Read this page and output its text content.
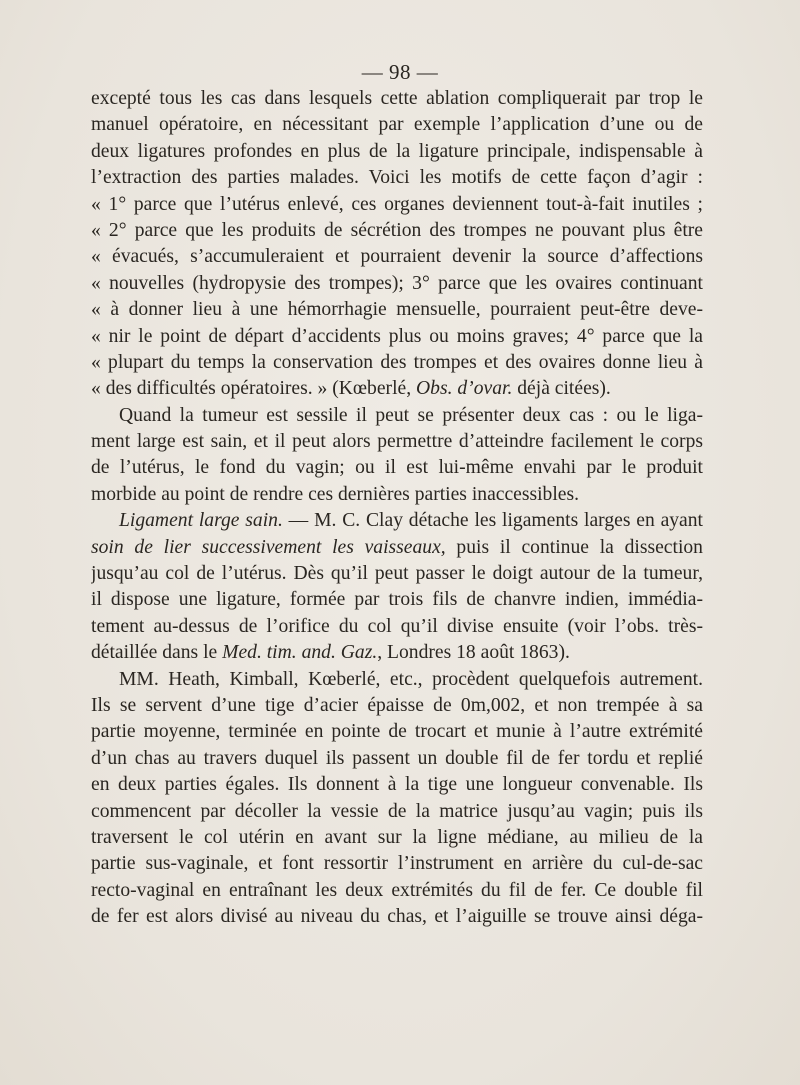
— 98 —
excepté tous les cas dans lesquels cette ablation compliquerait par trop le
manuel opératoire, en nécessitant par exemple l’application d’une ou de
deux ligatures profondes en plus de la ligature principale, indispensable à
l’extraction des parties malades. Voici les motifs de cette façon d’agir :
« 1° parce que l’utérus enlevé, ces organes deviennent tout-à-fait inutiles ;
« 2° parce que les produits de sécrétion des trompes ne pouvant plus être
« évacués, s’accumuleraient et pourraient devenir la source d’affections
« nouvelles (hydropysie des trompes); 3° parce que les ovaires continuant
« à donner lieu à une hémorrhagie mensuelle, pourraient peut-être deve-
« nir le point de départ d’accidents plus ou moins graves; 4° parce que la
« plupart du temps la conservation des trompes et des ovaires donne lieu à
« des difficultés opératoires. » (Kœberlé, Obs. d’ovar. déjà citées).
Quand la tumeur est sessile il peut se présenter deux cas : ou le liga-
ment large est sain, et il peut alors permettre d’atteindre facilement le corps
de l’utérus, le fond du vagin; ou il est lui-même envahi par le produit
morbide au point de rendre ces dernières parties inaccessibles.
Ligament large sain. — M. C. Clay détache les ligaments larges en ayant
soin de lier successivement les vaisseaux, puis il continue la dissection
jusqu’au col de l’utérus. Dès qu’il peut passer le doigt autour de la tumeur,
il dispose une ligature, formée par trois fils de chanvre indien, immédia-
tement au-dessus de l’orifice du col qu’il divise ensuite (voir l’obs. très-
détaillée dans le Med. tim. and. Gaz., Londres 18 août 1863).
MM. Heath, Kimball, Kœberlé, etc., procèdent quelquefois autrement.
Ils se servent d’une tige d’acier épaisse de 0m,002, et non trempée à sa
partie moyenne, terminée en pointe de trocart et munie à l’autre extrémité
d’un chas au travers duquel ils passent un double fil de fer tordu et replié
en deux parties égales. Ils donnent à la tige une longueur convenable. Ils
commencent par décoller la vessie de la matrice jusqu’au vagin; puis ils
traversent le col utérin en avant sur la ligne médiane, au milieu de la
partie sus-vaginale, et font ressortir l’instrument en arrière du cul-de-sac
recto-vaginal en entraînant les deux extrémités du fil de fer. Ce double fil
de fer est alors divisé au niveau du chas, et l’aiguille se trouve ainsi déga-
